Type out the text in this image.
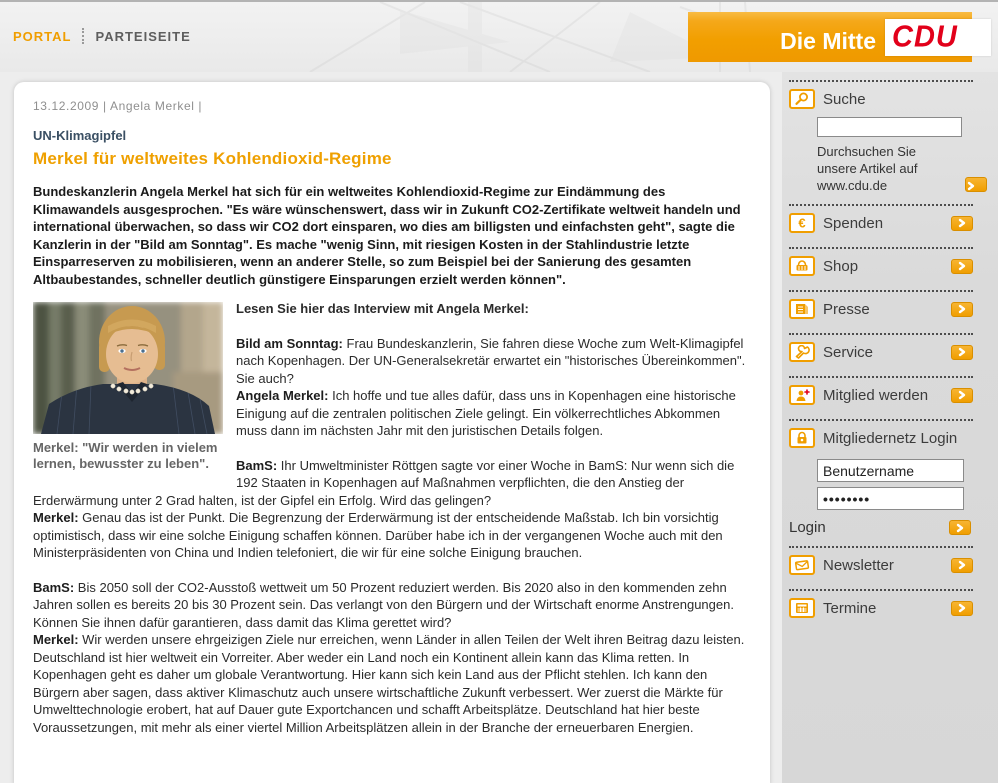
PORTAL PARTEISEITE	Die Mitte CDU
13.12.2009 | Angela Merkel |
UN-Klimagipfel
Merkel für weltweites Kohlendioxid-Regime
Bundeskanzlerin Angela Merkel hat sich für ein weltweites Kohlendioxid-Regime zur Eindämmung des Klimawandels ausgesprochen. "Es wäre wünschenswert, dass wir in Zukunft CO2-Zertifikate weltweit handeln und international überwachen, so dass wir CO2 dort einsparen, wo dies am billigsten und einfachsten geht", sagte die Kanzlerin in der "Bild am Sonntag". Es mache "wenig Sinn, mit riesigen Kosten in der Stahlindustrie letzte Einsparreserven zu mobilisieren, wenn an anderer Stelle, so zum Beispiel bei der Sanierung des gesamten Altbaubestandes, schneller deutlich günstigere Einsparungen erzielt werden können".
Merkel: "Wir werden in vielem lernen, bewusster zu leben".

Lesen Sie hier das Interview mit Angela Merkel:

Bild am Sonntag: Frau Bundeskanzlerin, Sie fahren diese Woche zum Welt-Klimagipfel nach Kopenhagen. Der UN-Generalsekretär erwartet ein "historisches Übereinkommen". Sie auch?

Angela Merkel: Ich hoffe und tue alles dafür, dass uns in Kopenhagen eine historische Einigung auf die zentralen politischen Ziele gelingt. Ein völkerrechtliches Abkommen muss dann im nächsten Jahr mit den juristischen Details folgen.

BamS: Ihr Umweltminister Röttgen sagte vor einer Woche in BamS: Nur wenn sich die 192 Staaten in Kopenhagen auf Maßnahmen verpflichten, die den Anstieg der Erderwärmung unter 2 Grad halten, ist der Gipfel ein Erfolg. Wird das gelingen?

Merkel: Genau das ist der Punkt. Die Begrenzung der Erderwärmung ist der entscheidende Maßstab. Ich bin vorsichtig optimistisch, dass wir eine solche Einigung schaffen können. Darüber habe ich in der vergangenen Woche auch mit den Ministerpräsidenten von China und Indien telefoniert, die wir für eine solche Einigung brauchen.

BamS: Bis 2050 soll der CO2-Ausstoß wettweit um 50 Prozent reduziert werden. Bis 2020 also in den kommenden zehn Jahren sollen es bereits 20 bis 30 Prozent sein. Das verlangt von den Bürgern und der Wirtschaft enorme Anstrengungen. Können Sie ihnen dafür garantieren, dass damit das Klima gerettet wird?

Merkel: Wir werden unsere ehrgeizigen Ziele nur erreichen, wenn Länder in allen Teilen der Welt ihren Beitrag dazu leisten. Deutschland ist hier weltweit ein Vorreiter. Aber weder ein Land noch ein Kontinent allein kann das Klima retten. In Kopenhagen geht es daher um globale Verantwortung. Hier kann sich kein Land aus der Pflicht stehlen. Ich kann den Bürgern aber sagen, dass aktiver Klimaschutz auch unsere wirtschaftliche Zukunft verbessert. Wer zuerst die Märkte für Umwelttechnologie erobert, hat auf Dauer gute Exportchancen und schafft Arbeitsplätze. Deutschland hat hier beste Voraussetzungen, mit mehr als einer viertel Million Arbeitsplätzen allein in der Branche der erneuerbaren Energien.

Suche
Durchsuchen Sie
unsere Artikel auf
www.cdu.de
€ Spenden
Shop
Presse
Service
Mitglied werden
Mitgliedernetz Login
Benutzername
••••••••
Login
Newsletter
Termine
